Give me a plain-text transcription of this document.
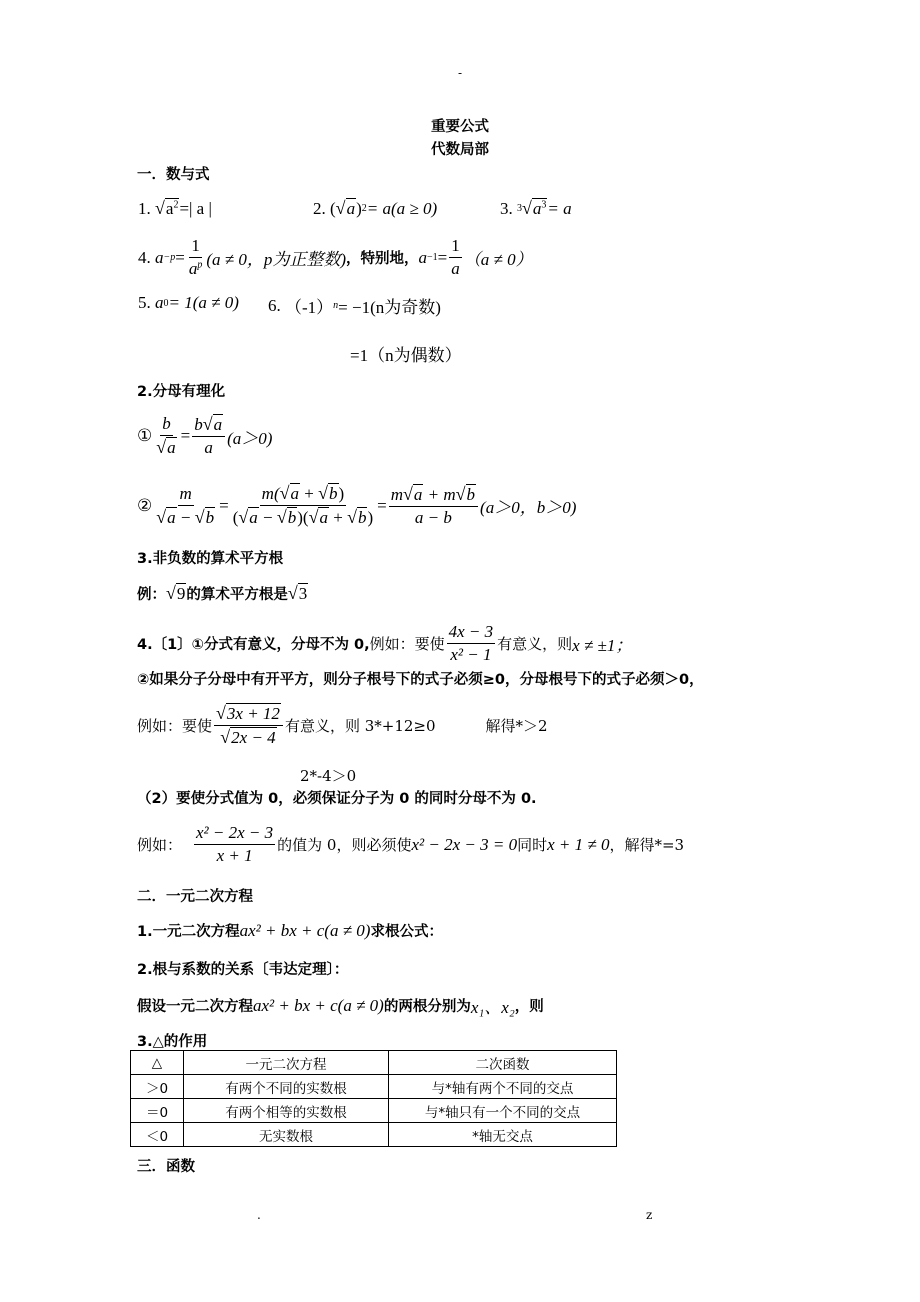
-
重要公式
代数局部
一．数与式
1.
√ $a^2$ =| a |	2.
( √ a ) 2 = a(a ≥ 0)	3.
3 √ $a^3 = a$
4.
$a -p = \frac{1}{a^p} (a \ne 0$，p为正整数) ，特别地， $a -1 = \frac{1}{a} (a \ne 0)$
5.
a 0 = 1(a ≠ 0) 6.
（-1） n = −1(n为奇数)
=1（n为偶数）
2.分母有理化
① $\frac{b}{√ a} = \frac{b √ a}{a} (a>0)$
② $\frac{m}{√ a - √ b} = \frac{m( √ a + √ b )}{( √ a - √ b )( √ a + √ b )} = \frac{m √ a + m √ b}{a - b} (a>0$，b＞0)
3.非负数的算术平方根
例： √ 9 的算术平方根是 √ 3
4.〔1〕①分式有意义，分母不为 0, 例如：要使 $\frac{4x - 3}{\text{x² − 1}}$ 有意义，则 x ≠ ±1；
②如果分子分母中有开平方，则分子根号下的式子必须≥0，分母根号下的式子必须＞0，
例如：要使 $\frac{√ 3x + 12}{√ 2x - 4}$ 有意义，则 3*+12≥0	解得*＞2
2*-4＞0
（2）要使分式值为 0，必须保证分子为 0 的同时分母不为 0.
例如： $\frac{\text{x² − 2x − 3}}{x + 1}$ 的值为 0，则必须使 x² − 2x − 3 = 0 同时 x + 1 ≠ 0 ，解得*=3
二．一元二次方程
1.一元二次方程 ax² + bx + c(a ≠ 0) 求根公式：
2.根与系数的关系〔韦达定理〕：
假设一元二次方程 ax² + bx + c(a ≠ 0) 的两根分别为 x₁、x₂ ，则
3.△的作用
△	一元二次方程	二次函数
＞0	有两个不同的实数根	与*轴有两个不同的交点
＝0	有两个相等的实数根	与*轴只有一个不同的交点
＜0	无实数根	*轴无交点
三．函数
.	z
